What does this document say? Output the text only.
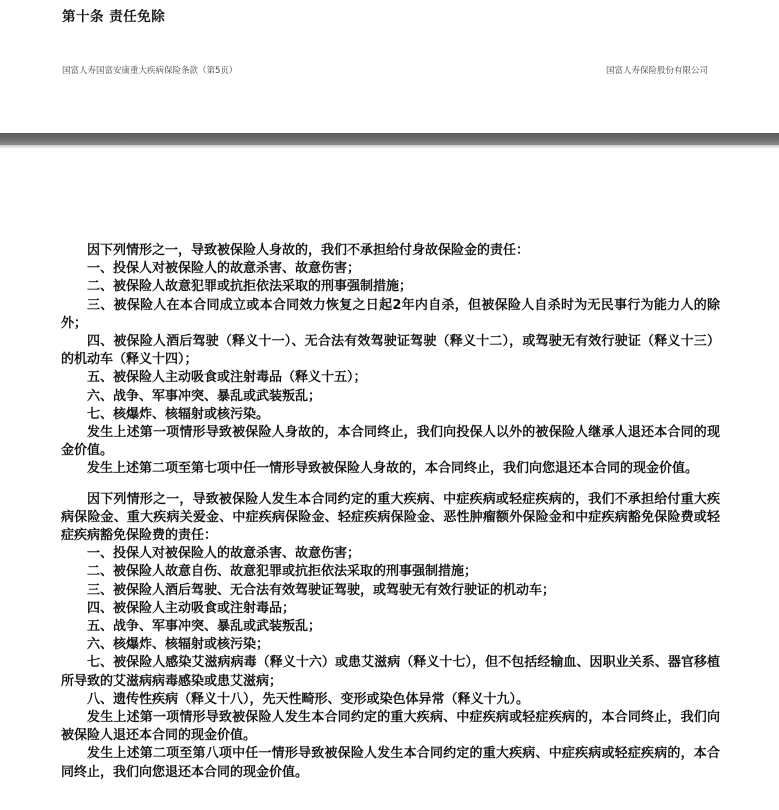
第十条 责任免除
国富人寿国富安康重大疾病保险条款（第5页）	国富人寿保险股份有限公司

因下列情形之一，导致被保险人身故的，我们不承担给付身故保险金的责任：

一、投保人对被保险人的故意杀害、故意伤害；

二、被保险人故意犯罪或抗拒依法采取的刑事强制措施；

三、被保险人在本合同成立或本合同效力恢复之日起2年内自杀，但被保险人自杀时为无民事行为能力人的除外；

四、被保险人酒后驾驶（释义十一）、无合法有效驾驶证驾驶（释义十二），或驾驶无有效行驶证（释义十三）的机动车（释义十四）；

五、被保险人主动吸食或注射毒品（释义十五）；

六、战争、军事冲突、暴乱或武装叛乱；

七、核爆炸、核辐射或核污染。

发生上述第一项情形导致被保险人身故的，本合同终止，我们向投保人以外的被保险人继承人退还本合同的现金价值。

发生上述第二项至第七项中任一情形导致被保险人身故的，本合同终止，我们向您退还本合同的现金价值。

因下列情形之一，导致被保险人发生本合同约定的重大疾病、中症疾病或轻症疾病的，我们不承担给付重大疾病保险金、重大疾病关爱金、中症疾病保险金、轻症疾病保险金、恶性肿瘤额外保险金和中症疾病豁免保险费或轻症疾病豁免保险费的责任：

一、投保人对被保险人的故意杀害、故意伤害；

二、被保险人故意自伤、故意犯罪或抗拒依法采取的刑事强制措施；

三、被保险人酒后驾驶、无合法有效驾驶证驾驶，或驾驶无有效行驶证的机动车；

四、被保险人主动吸食或注射毒品；

五、战争、军事冲突、暴乱或武装叛乱；

六、核爆炸、核辐射或核污染；

七、被保险人感染艾滋病病毒（释义十六）或患艾滋病（释义十七），但不包括经输血、因职业关系、器官移植所导致的艾滋病病毒感染或患艾滋病；

八、遗传性疾病（释义十八），先天性畸形、变形或染色体异常（释义十九）。

发生上述第一项情形导致被保险人发生本合同约定的重大疾病、中症疾病或轻症疾病的，本合同终止，我们向被保险人退还本合同的现金价值。

发生上述第二项至第八项中任一情形导致被保险人发生本合同约定的重大疾病、中症疾病或轻症疾病的，本合同终止，我们向您退还本合同的现金价值。
